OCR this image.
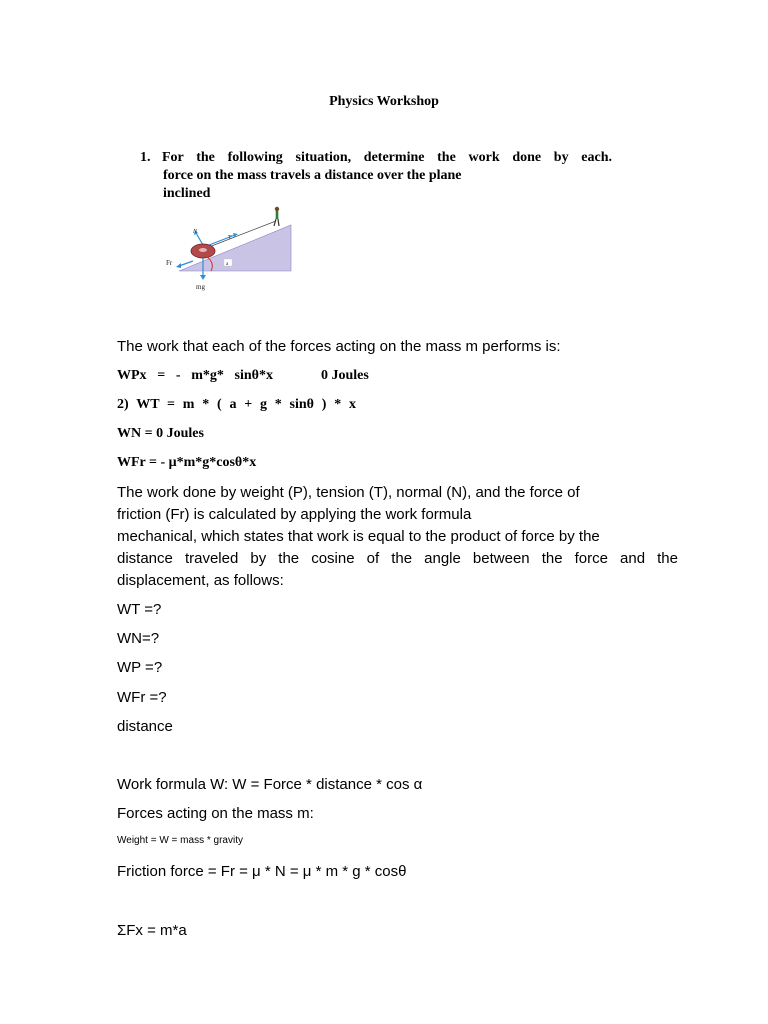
Physics Workshop
1. For the following situation, determine the work done by each.
force on the mass travels a distance over the plane
inclined
N
T
Fr
mg
a
The work that each of the forces acting on the mass m performs is:
WPx = - m*g* sinθ*x	0 Joules
2) WT = m * ( a + g * sinθ ) * x
WN = 0 Joules
WFr = - μ*m*g*cosθ*x
The work done by weight (P), tension (T), normal (N), and the force of
friction (Fr) is calculated by applying the work formula
mechanical, which states that work is equal to the product of force by the
distance traveled by the cosine of the angle between the force and the
displacement, as follows:
WT =?
WN=?
WP =?
WFr =?
distance
Work formula W: W = Force * distance * cos α
Forces acting on the mass m:
Weight = W = mass * gravity
Friction force = Fr = μ * N = μ * m * g * cosθ
ΣFx = m*a
